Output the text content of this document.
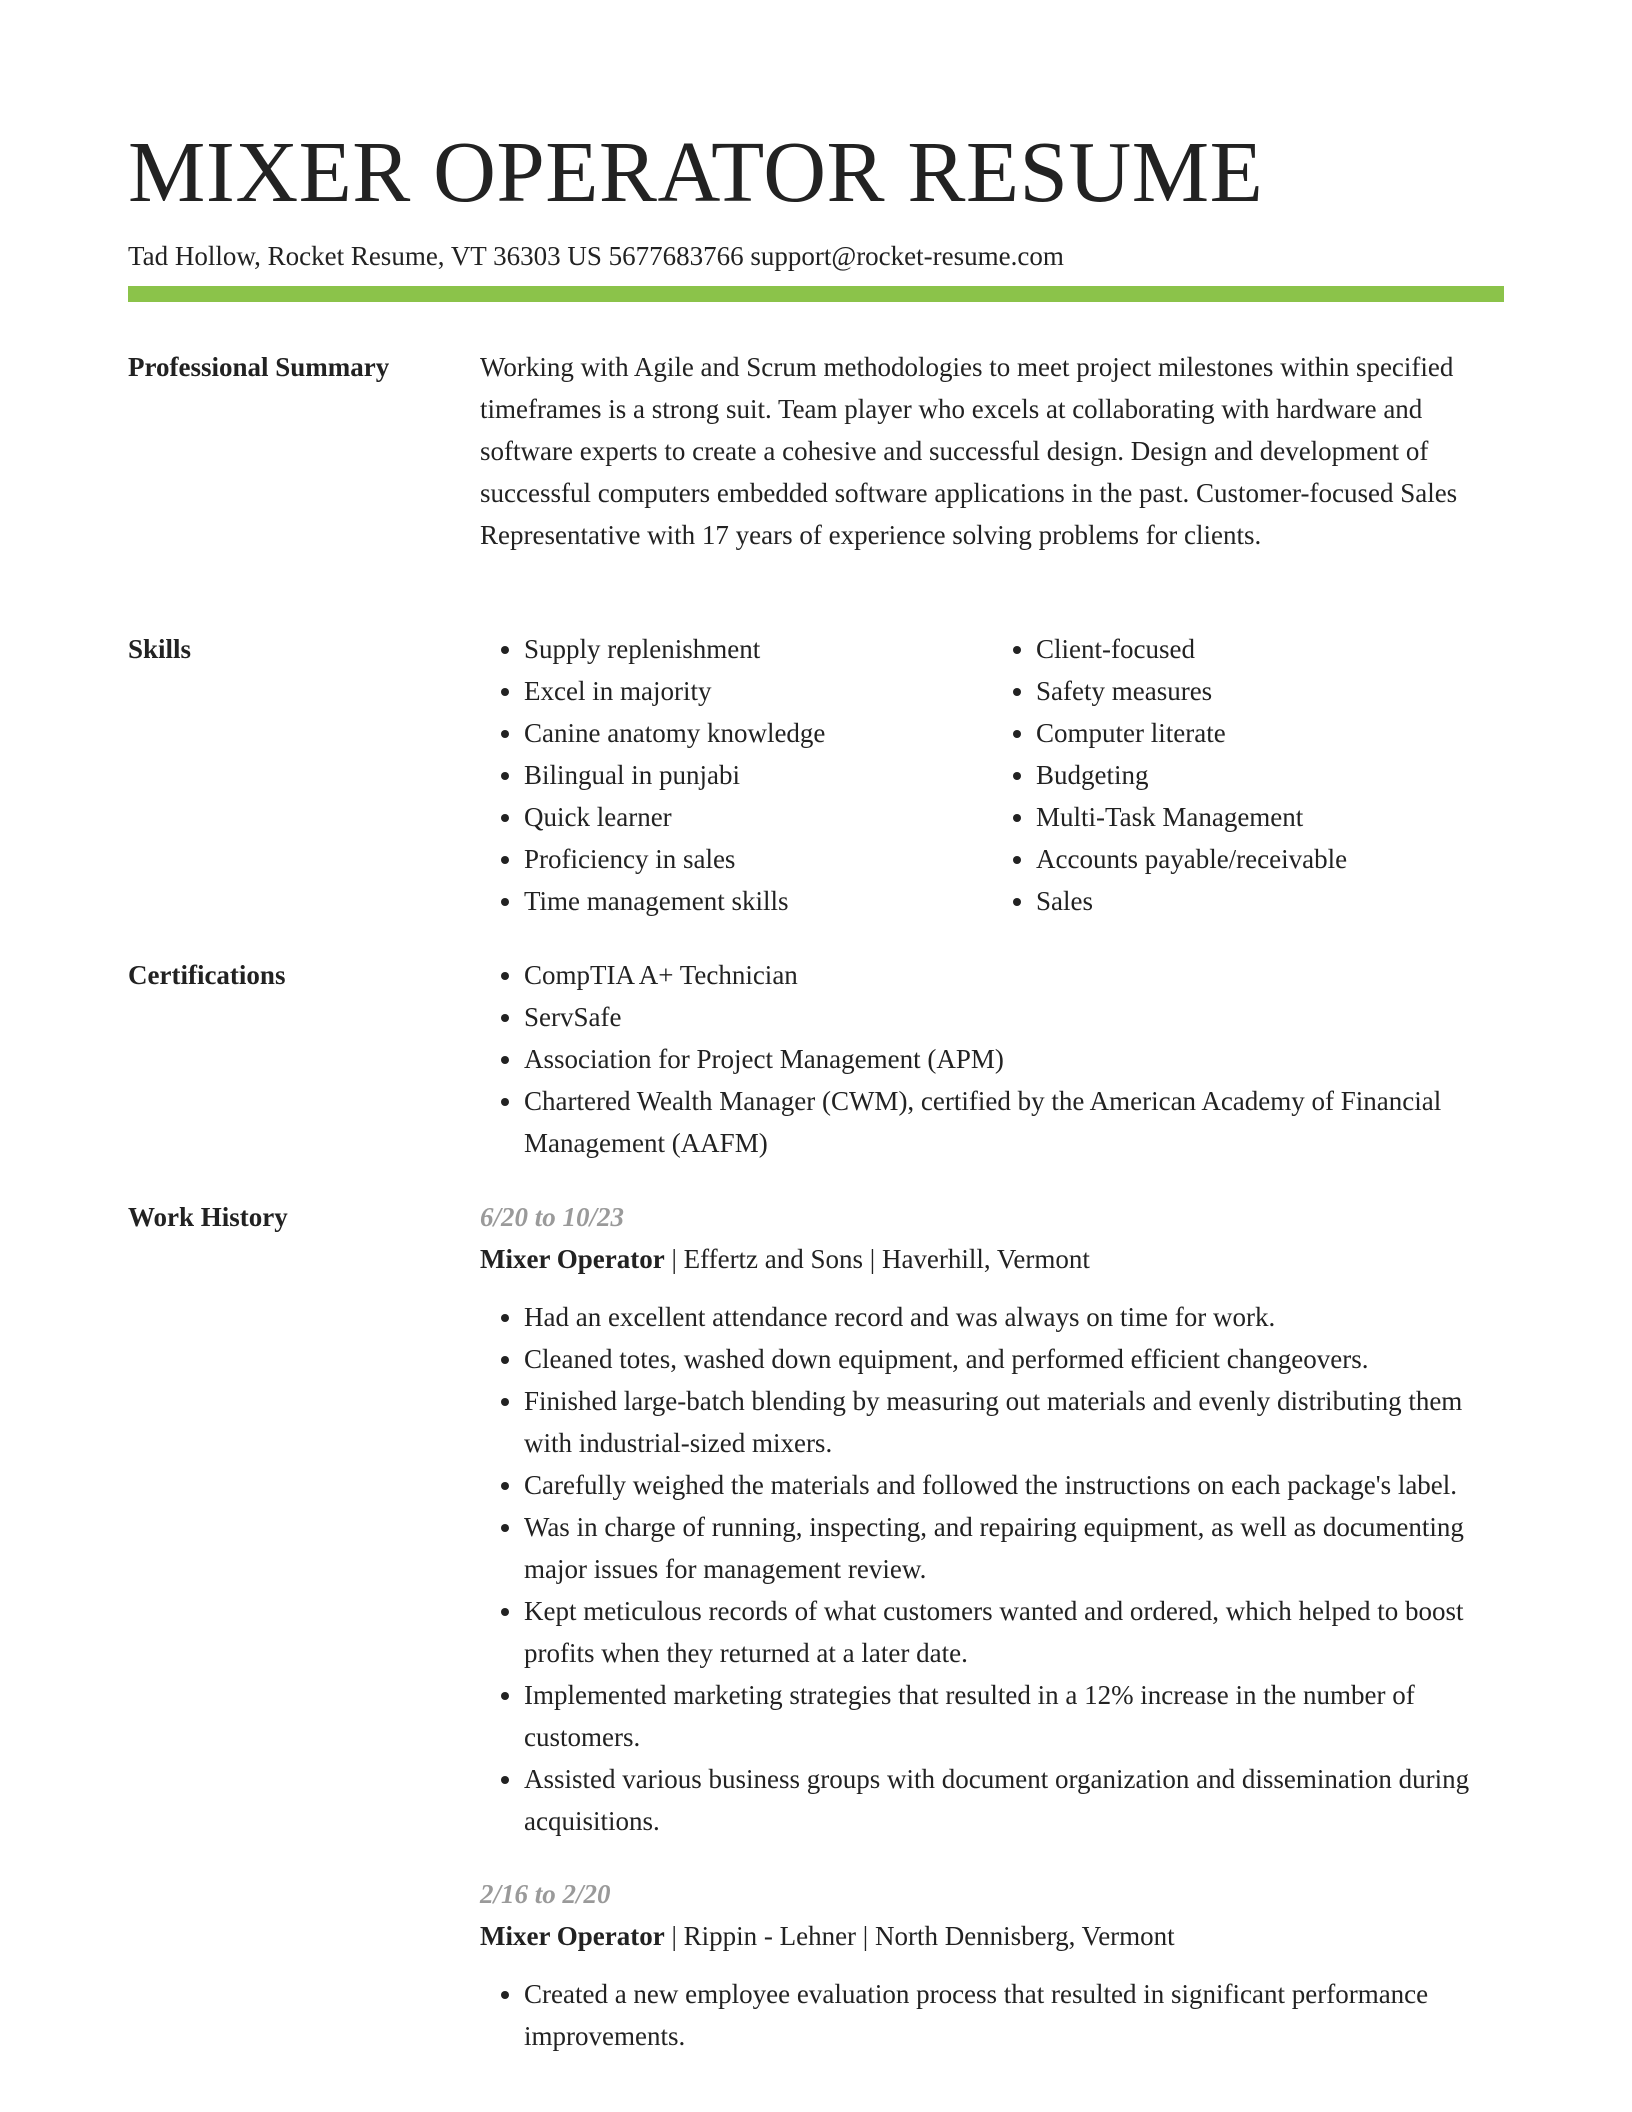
MIXER OPERATOR RESUME
Tad Hollow, Rocket Resume, VT 36303 US 5677683766 support@rocket-resume.com
Professional Summary	Working with Agile and Scrum methodologies to meet project milestones within specified timeframes is a strong suit. Team player who excels at collaborating with hardware and software experts to create a cohesive and successful design. Design and development of successful computers embedded software applications in the past. Customer-focused Sales Representative with 17 years of experience solving problems for clients.

Skills	• Supply replenishment
• Excel in majority
• Canine anatomy knowledge
• Bilingual in punjabi
• Quick learner
• Proficiency in sales
• Time management skills
• Client-focused
• Safety measures
• Computer literate
• Budgeting
• Multi-Task Management
• Accounts payable/receivable
• Sales
Certifications	• CompTIA A+ Technician
• ServSafe
• Association for Project Management (APM)
• Chartered Wealth Manager (CWM), certified by the American Academy of Financial Management (AAFM)
Work History	6/20 to 10/23
Mixer Operator | Effertz and Sons | Haverhill, Vermont
• Had an excellent attendance record and was always on time for work.
• Cleaned totes, washed down equipment, and performed efficient changeovers.
• Finished large-batch blending by measuring out materials and evenly distributing them with industrial-sized mixers.
• Carefully weighed the materials and followed the instructions on each package's label.
• Was in charge of running, inspecting, and repairing equipment, as well as documenting major issues for management review.
• Kept meticulous records of what customers wanted and ordered, which helped to boost profits when they returned at a later date.
• Implemented marketing strategies that resulted in a 12% increase in the number of customers.
• Assisted various business groups with document organization and dissemination during acquisitions.
2/16 to 2/20
Mixer Operator | Rippin - Lehner | North Dennisberg, Vermont
• Created a new employee evaluation process that resulted in significant performance improvements.
